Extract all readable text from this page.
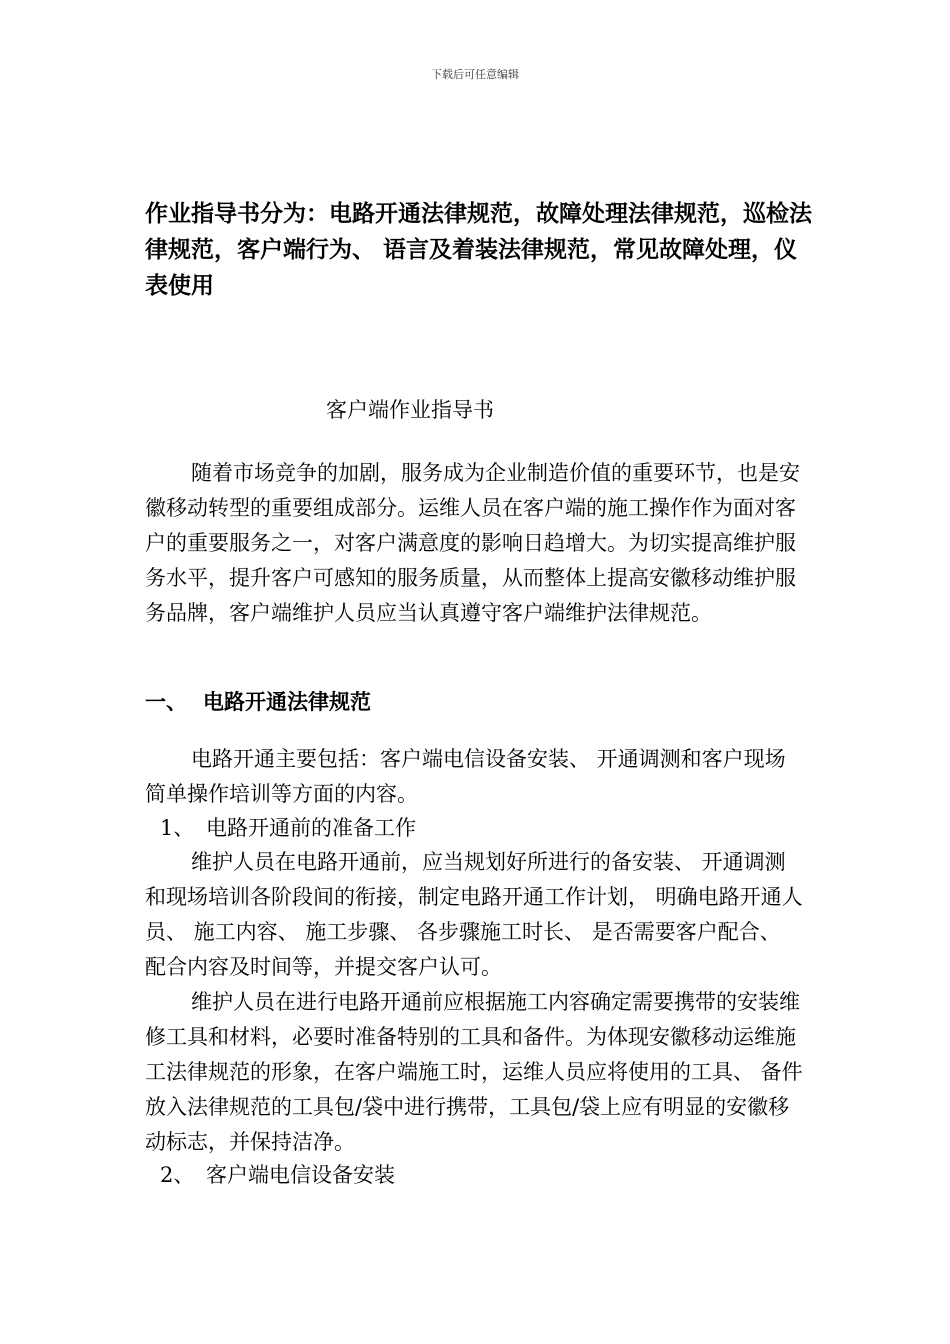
下载后可任意编辑

作业指导书分为：电路开通法律规范，故障处理法律规范，巡检法律规范，客户端行为、 语言及着装法律规范，常见故障处理，仪表使用

客户端作业指导书

随着市场竞争的加剧，服务成为企业制造价值的重要环节，也是安徽移动转型的重要组成部分。运维人员在客户端的施工操作作为面对客户的重要服务之一，对客户满意度的影响日趋增大。为切实提高维护服务水平，提升客户可感知的服务质量，从而整体上提高安徽移动维护服务品牌，客户端维护人员应当认真遵守客户端维护法律规范。

一、 电路开通法律规范

电路开通主要包括：客户端电信设备安装、 开通调测和客户现场简单操作培训等方面的内容。

1、 电路开通前的准备工作

维护人员在电路开通前，应当规划好所进行的备安装、 开通调测和现场培训各阶段间的衔接，制定电路开通工作计划， 明确电路开通人员、 施工内容、 施工步骤、 各步骤施工时长、 是否需要客户配合、 配合内容及时间等，并提交客户认可。

维护人员在进行电路开通前应根据施工内容确定需要携带的安装维修工具和材料，必要时准备特别的工具和备件。为体现安徽移动运维施工法律规范的形象，在客户端施工时，运维人员应将使用的工具、 备件放入法律规范的工具包/袋中进行携带，工具包/袋上应有明显的安徽移动标志，并保持洁净。

2、 客户端电信设备安装
